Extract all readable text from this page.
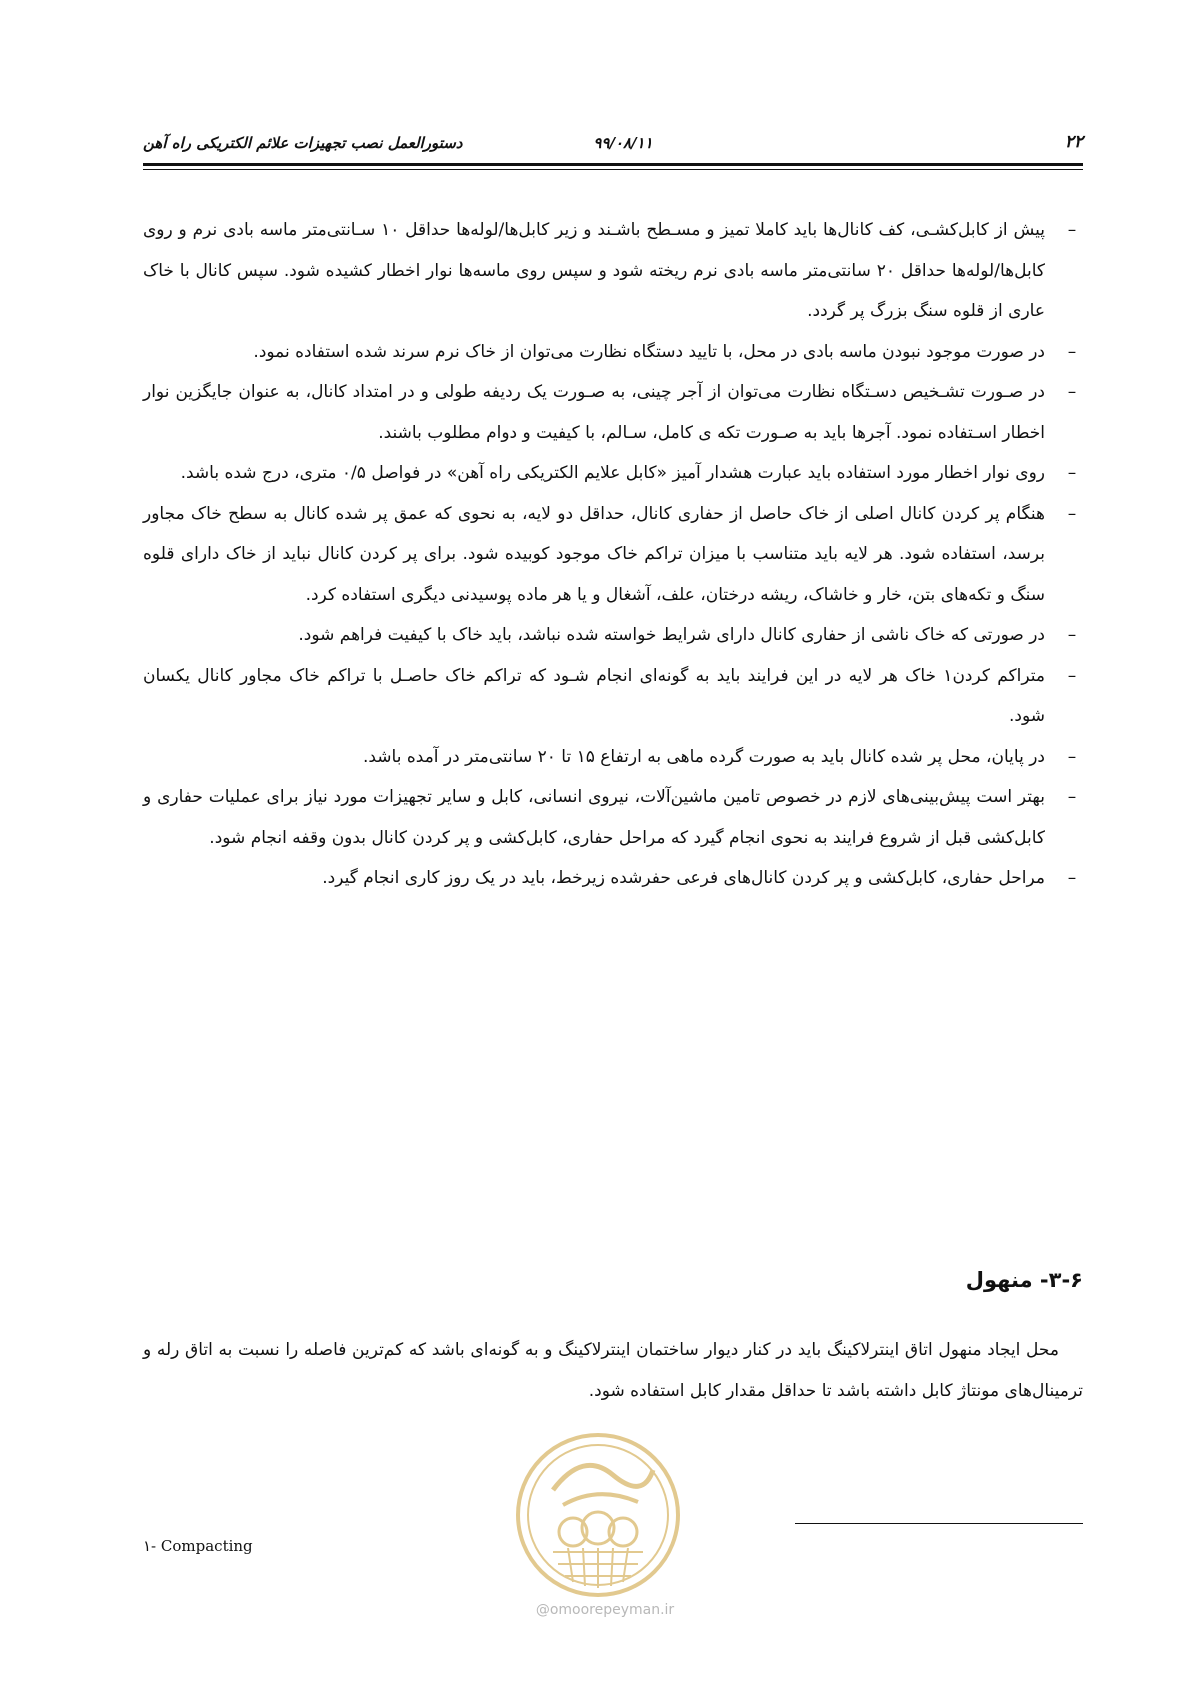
دستورالعمل نصب تجهیزات علائم الکتریکی راه آهن	۹۹/۰۸/۱۱	۲۲
–
پیش از کابل‌کشـی، کف کانال‌ها باید کاملا تمیز و مسـطح باشـند و زیر کابل‌ها/لوله‌ها حداقل ۱۰ سـانتی‌متر ماسه بادی نرم و روی کابل‌ها/لوله‌ها حداقل ۲۰ سانتی‌متر ماسه بادی نرم ریخته شود و سپس روی ماسه‌ها نوار اخطار کشیده شود. سپس کانال با خاک عاری از قلوه سنگ بزرگ پر گردد.
–
در صورت موجود نبودن ماسه بادی در محل، با تایید دستگاه نظارت می‌توان از خاک نرم سرند شده استفاده نمود.
–
در صـورت تشـخیص دسـتگاه نظارت می‌توان از آجر چینی، به صـورت یک ردیفه طولی و در امتداد کانال، به عنوان جایگزین نوار اخطار اسـتفاده نمود. آجرها باید به صـورت تکه ی کامل، سـالم، با کیفیت و دوام مطلوب باشند.
–
روی نوار اخطار مورد استفاده باید عبارت هشدار آمیز «کابل علایم الکتریکی راه آهن» در فواصل ۰/۵ متری، درج شده باشد.
–
هنگام پر کردن کانال اصلی از خاک حاصل از حفاری کانال، حداقل دو لایه، به نحوی که عمق پر شده کانال به سطح خاک مجاور برسد، استفاده شود. هر لایه باید متناسب با میزان تراکم خاک موجود کوبیده شود. برای پر کردن کانال نباید از خاک دارای قلوه سنگ و تکه‌های بتن، خار و خاشاک، ریشه درختان، علف، آشغال و یا هر ماده پوسیدنی دیگری استفاده کرد.
–
در صورتی که خاک ناشی از حفاری کانال دارای شرایط خواسته شده نباشد، باید خاک با کیفیت فراهم شود.
–
متراکم کردن۱ خاک هر لایه در این فرایند باید به گونه‌ای انجام شـود که تراکم خاک حاصـل با تراکم خاک مجاور کانال یکسان شود.
–
در پایان، محل پر شده کانال باید به صورت گرده ماهی به ارتفاع ۱۵ تا ۲۰ سانتی‌متر در آمده باشد.
–
بهتر است پیش‌بینی‌های لازم در خصوص تامین ماشین‌آلات، نیروی انسانی، کابل و سایر تجهیزات مورد نیاز برای عملیات حفاری و کابل‌کشی قبل از شروع فرایند به نحوی انجام گیرد که مراحل حفاری، کابل‌کشی و پر کردن کانال بدون وقفه انجام شود.
–
مراحل حفاری، کابل‌کشی و پر کردن کانال‌های فرعی حفرشده زیرخط، باید در یک روز کاری انجام گیرد.
۳-۶- منهول
محل ایجاد منهول اتاق اینترلاکینگ باید در کنار دیوار ساختمان اینترلاکینگ و به گونه‌ای باشد که کم‌ترین فاصله را نسبت به اتاق رله و ترمینال‌های مونتاژ کابل داشته باشد تا حداقل مقدار کابل استفاده شود.
۱- Compacting
@omoorepeyman.ir
